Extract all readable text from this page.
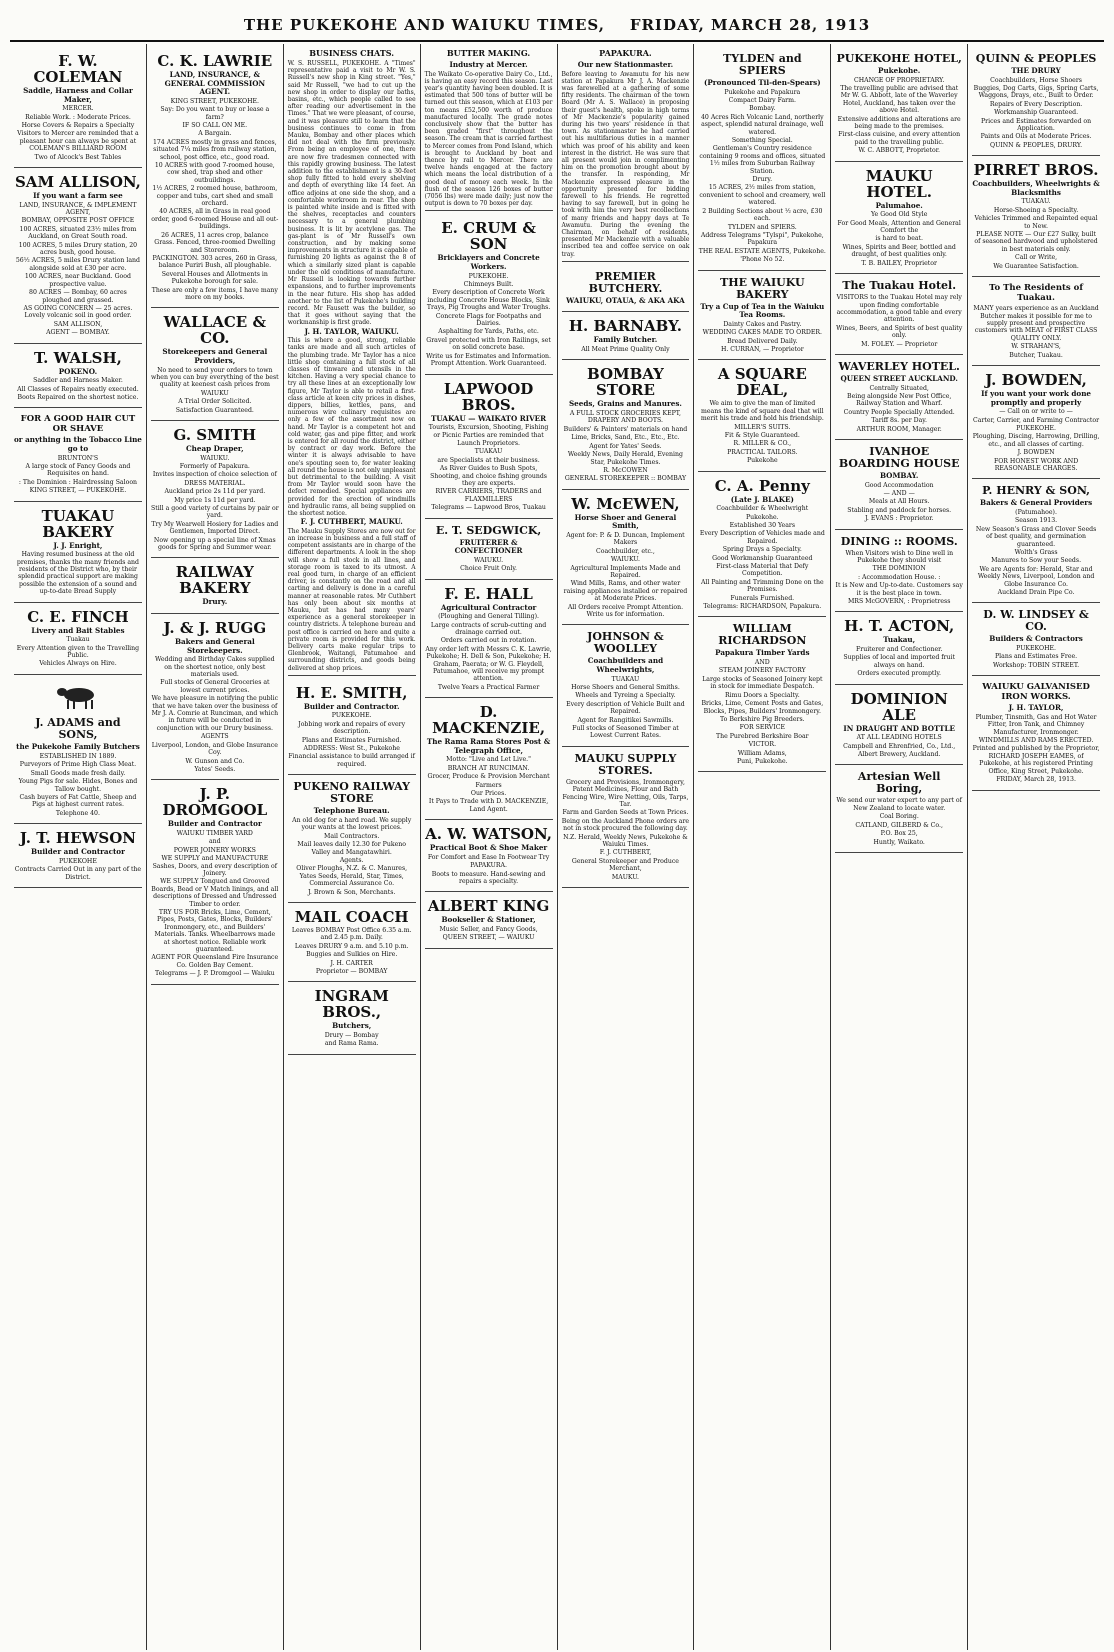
THE PUKEKOHE AND WAIUKU TIMES, FRIDAY, MARCH 28, 1913
F. W. COLEMAN
Saddle, Harness and Collar Maker,
MERCER.
Reliable Work. : Moderate Prices.
Horse Covers & Repairs a Specialty
Visitors to Mercer are reminded that a pleasant hour can always be spent at COLEMAN'S BILLIARD ROOM
Two of Alcock's Best Tables
SAM ALLISON,
If you want a farm see
LAND, INSURANCE, & IMPLEMENT AGENT,
BOMBAY, OPPOSITE POST OFFICE
100 ACRES, situated 23½ miles from Auckland, on Great South road.
100 ACRES, 5 miles Drury station, 20 acres bush, good house.
56½ ACRES, 5 miles Drury station land alongside sold at £30 per acre.
100 ACRES, near Buckland. Good prospective value.
80 ACRES — Bombay, 60 acres ploughed and grassed.
AS GOING CONCERN — 25 acres. Lovely volcanic soil in good order.
SAM ALLISON,
AGENT — BOMBAY.
T. WALSH,
POKENO.
Saddler and Harness Maker.
All Classes of Repairs neatly executed.
Boots Repaired on the shortest notice.
FOR A GOOD HAIR CUT OR SHAVE
or anything in the Tobacco Line go to
BRUNTON'S
A large stock of Fancy Goods and Requisites on hand.
: The Dominion : Hairdressing Saloon
KING STREET, — PUKEKOHE.
TUAKAU BAKERY
J. J. Enright,
Having resumed business at the old premises, thanks the many friends and residents of the District who, by their splendid practical support are making possible the extension of a sound and up-to-date Bread Supply
C. E. FINCH
Livery and Bait Stables
Tuakau
Every Attention given to the Travelling Public.
Vehicles Always on Hire.
J. ADAMS and SONS,
the Pukekohe Family Butchers
ESTABLISHED IN 1889.
Purveyors of Prime High Class Meat.
Small Goods made fresh daily.
Young Pigs for sale. Hides, Bones and Tallow bought.
Cash buyers of Fat Cattle, Sheep and Pigs at highest current rates.
Telephone 40.
J. T. HEWSON
Builder and Contractor
PUKEKOHE
Contracts Carried Out in any part of the District.
C. K. LAWRIE
LAND, INSURANCE, & GENERAL COMMISSION AGENT.
KING STREET, PUKEKOHE.
Say: Do you want to buy or lease a farm?
IF SO CALL ON ME.
A Bargain.
174 ACRES mostly in grass and fences, situated 7¼ miles from railway station, school, post office, etc., good road.
10 ACRES with good 7-roomed house, cow shed, trap shed and other outbuildings.
1½ ACRES, 2 roomed house, bathroom, copper and tubs, cart shed and small orchard.
40 ACRES, all in Grass in real good order, good 6-roomed House and all out-buildings.
26 ACRES, 11 acres crop, balance Grass. Fenced, three-roomed Dwelling and Storeroom.
PACKINGTON. 303 acres, 260 in Grass, balance Puriri Bush, all ploughable.
Several Houses and Allotments in Pukekohe borough for sale.
These are only a few items, I have many more on my books.
WALLACE & CO.
Storekeepers and General Providers,
No need to send your orders to town when you can buy everything of the best quality at keenest cash prices from
WAIUKU
A Trial Order Solicited.
Satisfaction Guaranteed.
G. SMITH
Cheap Draper,
WAIUKU.
Formerly of Papakura.
Invites inspection of choice selection of
DRESS MATERIAL.
Auckland price 2s 11d per yard.
My price 1s 11d per yard.
Still a good variety of curtains by pair or yard.
Try My Wearwell Hosiery for Ladies and Gentlemen, Imported Direct.
Now opening up a special line of Xmas goods for Spring and Summer wear.
RAILWAY BAKERY
Drury.
J. & J. RUGG
Bakers and General Storekeepers.
Wedding and Birthday Cakes supplied on the shortest notice, only best materials used.
Full stocks of General Groceries at lowest current prices.
We have pleasure in notifying the public that we have taken over the business of Mr J. A. Comrie at Runciman, and which in future will be conducted in conjunction with our Drury business.
AGENTS
Liverpool, London, and Globe Insurance Coy.
W. Gunson and Co.
Yates' Seeds.
J. P. DROMGOOL
Builder and Contractor
WAIUKU TIMBER YARD
and
POWER JOINERY WORKS
WE SUPPLY and MANUFACTURE Sashes, Doors, and every description of Joinery.
WE SUPPLY Tongued and Grooved Boards, Bead or V Match linings, and all descriptions of Dressed and Undressed Timber to order.
TRY US FOR Bricks, Lime, Cement, Pipes, Posts, Gates, Blocks, Builders' Ironmongery, etc., and Builders' Materials. Tanks. Wheelbarrows made at shortest notice. Reliable work guaranteed.
AGENT FOR Queensland Fire Insurance Co. Golden Bay Cement.
Telegrams — J. P. Dromgool — Waiuku
BUSINESS CHATS.
W. S. RUSSELL, PUKEKOHE. A "Times" representative paid a visit to Mr W. S. Russell's new shop in King street. "Yes," said Mr Russell, "we had to cut up the new shop in order to display our baths, basins, etc., which people called to see after reading our advertisement in the Times." That we were pleasant, of course, and it was pleasure still to learn that the business continues to come in from Mauku, Bombay and other places which did not deal with the firm previously. From being an employee of one, there are now five tradesmen connected with this rapidly growing business. The latest addition to the establishment is a 30-feet shop fully fitted to hold every shelving and depth of everything like 14 feet. An office adjoins at one side the shop, and a comfortable workroom in rear. The shop is painted white inside and is fitted with the shelves, receptacles and counters necessary to a general plumbing business. It is lit by acetylene gas. The gas-plant is of Mr Russell's own construction, and by making some improvements in structure it is capable of furnishing 20 lights as against the 8 of which a similarly sized plant is capable under the old conditions of manufacture. Mr Russell is looking towards further expansions, and to further improvements in the near future. His shop has added another to the list of Pukekohe's building record. Mr Fausett was the builder, so that it goes without saying that the workmanship is first grade.
J. H. TAYLOR, WAIUKU.
This is where a good, strong, reliable tanks are made and all such articles of the plumbing trade. Mr Taylor has a nice little shop containing a full stock of all classes of tinware and utensils in the kitchen. Having a very special chance to try all these lines at an exceptionally low figure, Mr Taylor is able to retail a first-class article at keen city prices in dishes, dippers, billies, kettles, pans, and numerous wire culinary requisites are only a few of the assortment now on hand. Mr Taylor is a competent hot and cold water, gas and pipe fitter, and work is entered for all round the district, either by contract or day work. Before the winter it is always advisable to have one's spouting seen to, for water leaking all round the house is not only unpleasant but detrimental to the building. A visit from Mr Taylor would soon have the defect remedied. Special appliances are provided for the erection of windmills and hydraulic rams, all being supplied on the shortest notice.
F. J. CUTHBERT, MAUKU.
The Mauku Supply Stores are now out for an increase in business and a full staff of competent assistants are in charge of the different departments. A look in the shop will show a full stock in all lines, and storage room is taxed to its utmost. A real good turn, in charge of an efficient driver, is constantly on the road and all carting and delivery is done in a careful manner at reasonable rates. Mr Cuthbert has only been about six months at Mauku, but has had many years' experience as a general storekeeper in country districts. A telephone bureau and post office is carried on here and quite a private room is provided for this work. Delivery carts make regular trips to Glenbrook, Waitangi, Patumahoe and surrounding districts, and goods being delivered at shop prices.
H. E. SMITH,
Builder and Contractor.
PUKEKOHE.
Jobbing work and repairs of every description.
Plans and Estimates Furnished.
ADDRESS: West St., Pukekohe
Financial assistance to build arranged if required.
PUKENO RAILWAY STORE
Telephone Bureau.
An old dog for a hard road. We supply your wants at the lowest prices.
Mail Contractors.
Mail leaves daily 12.30 for Pukeno Valley and Mangatawhiri.
Agents.
Oliver Ploughs, N.Z. & C. Manures, Yates Seeds, Herald, Star, Times, Commercial Assurance Co.
J. Brown & Son, Merchants.
MAIL COACH
Leaves BOMBAY Post Office 6.35 a.m. and 2.45 p.m. Daily.
Leaves DRURY 9 a.m. and 5.10 p.m.
Buggies and Sulkies on Hire.
J. H. CARTER
Proprietor — BOMBAY
INGRAM BROS.,
Butchers,
Drury — Bombay
and Rama Rama.
BUTTER MAKING.
Industry at Mercer.
The Waikato Co-operative Dairy Co., Ltd., is having an easy record this season. Last year's quantity having been doubled. It is estimated that 500 tons of butter will be turned out this season, which at £103 per ton means £52,500 worth of produce manufactured locally. The grade notes conclusively show that the butter has been graded "first" throughout the season. The cream that is carried farthest to Mercer comes from Pond Island, which is brought to Auckland by boat and thence by rail to Mercer. There are twelve hands engaged at the factory which means the local distribution of a good deal of money each week. In the flush of the season 126 boxes of butter (7056 lbs) were made daily; just now the output is down to 70 boxes per day.
E. CRUM & SON
Bricklayers and Concrete Workers.
PUKEKOHE.
Chimneys Built.
Every description of Concrete Work including Concrete House Blocks, Sink Trays, Pig Troughs and Water Troughs.
Concrete Flags for Footpaths and Dairies.
Asphalting for Yards, Paths, etc.
Gravel protected with Iron Railings, set on solid concrete base.
Write us for Estimates and Information. Prompt Attention. Work Guaranteed.
LAPWOOD BROS.
TUAKAU — WAIKATO RIVER
Tourists, Excursion, Shooting, Fishing or Picnic Parties are reminded that
Launch Proprietors.
TUAKAU
are Specialists at their business.
As River Guides to Bush Spots, Shooting, and choice fishing grounds they are experts.
RIVER CARRIERS, TRADERS and FLAXMILLERS
Telegrams — Lapwood Bros, Tuakau
E. T. SEDGWICK,
FRUITERER & CONFECTIONER
WAIUKU.
Choice Fruit Only.
F. E. HALL
Agricultural Contractor
(Ploughing and General Tilling).
Large contracts of scrub-cutting and drainage carried out.
Orders carried out in rotation.
Any order left with Messrs C. K. Lawrie, Pukekohe; H. Dell & Son, Pukekohe; H. Graham, Paerata; or W. G. Fleydell, Patumahoe, will receive my prompt attention.
Twelve Years a Practical Farmer
D. MACKENZIE,
The Rama Rama Stores Post & Telegraph Office,
Motto: "Live and Let Live."
BRANCH AT RUNCIMAN.
Grocer, Produce & Provision Merchant
Farmers
Our Prices.
It Pays to Trade with D. MACKENZIE, Land Agent.
A. W. WATSON,
Practical Boot & Shoe Maker
For Comfort and Ease In Footwear Try
PAPAKURA.
Boots to measure. Hand-sewing and repairs a specialty.
ALBERT KING
Bookseller & Stationer,
Music Seller, and Fancy Goods,
QUEEN STREET, — WAIUKU
PAPAKURA.
Our new Stationmaster.
Before leaving to Awamutu for his new station at Papakura Mr J. A. Mackenzie was farewelled at a gathering of some fifty residents. The chairman of the town Board (Mr A. S. Wallace) in proposing their guest's health, spoke in high terms of Mr Mackenzie's popularity gained during his two years' residence in that town. As stationmaster he had carried out his multifarious duties in a manner which was proof of his ability and keen interest in the district. He was sure that all present would join in complimenting him on the promotion brought about by the transfer. In responding, Mr Mackenzie expressed pleasure in the opportunity presented for bidding farewell to his friends. He regretted having to say farewell, but in going he took with him the very best recollections of many friends and happy days at Te Awamutu. During the evening the Chairman, on behalf of residents, presented Mr Mackenzie with a valuable inscribed tea and coffee service on oak tray.
PREMIER BUTCHERY.
WAIUKU, OTAUA, & AKA AKA
H. BARNABY.
Family Butcher.
All Meat Prime Quality Only
BOMBAY STORE
Seeds, Grains and Manures.
A FULL STOCK GROCERIES KEPT, DRAPERY AND BOOTS.
Builders' & Painters' materials on hand
Lime, Bricks, Sand, Etc., Etc., Etc.
Agent for Yates' Seeds.
Weekly News, Daily Herald, Evening Star, Pukekohe Times.
R. McCOWEN
GENERAL STOREKEEPER :: BOMBAY
W. McEWEN,
Horse Shoer and General Smith,
Agent for: P. & D. Duncan, Implement Makers
Coachbuilder, etc.,
WAIUKU.
Agricultural Implements Made and Repaired.
Wind Mills, Rams, and other water raising appliances installed or repaired at Moderate Prices.
All Orders receive Prompt Attention. Write us for information.
JOHNSON & WOOLLEY
Coachbuilders and Wheelwrights,
TUAKAU
Horse Shoers and General Smiths.
Wheels and Tyreing a Specialty.
Every description of Vehicle Built and Repaired.
Agent for Rangitikei Sawmills.
Full stocks of Seasoned Timber at Lowest Current Rates.
MAUKU SUPPLY STORES.
Grocery and Provisions, Ironmongery, Patent Medicines, Flour and Bath Fencing Wire, Wire Netting, Oils, Tarps, Tar.
Farm and Garden Seeds at Town Prices.
Being on the Auckland Phone orders are not in stock procured the following day.
N.Z. Herald, Weekly News, Pukekohe & Waiuku Times.
F. J. CUTHBERT,
General Storekeeper and Produce Merchant,
MAUKU.
TYLDEN and SPIERS
(Pronounced Til-den-Spears)
Pukekohe and Papakura
Compact Dairy Farm.
Bombay.
40 Acres Rich Volcanic Land, northerly aspect, splendid natural drainage, well watered.
Something Special.
Gentleman's Country residence containing 9 rooms and offices, situated 1½ miles from Suburban Railway Station.
Drury.
15 ACRES, 2½ miles from station, convenient to school and creamery, well watered.
2 Building Sections about ½ acre, £30 each.
TYLDEN and SPIERS.
Address Telegrams "Tylspi", Pukekohe, Papakura
THE REAL ESTATE AGENTS, Pukekohe.
'Phone No 52.
THE WAIUKU BAKERY
Try a Cup of Tea in the Waiuku Tea Rooms.
Dainty Cakes and Pastry.
WEDDING CAKES MADE TO ORDER.
Bread Delivered Daily.
H. CURRAN, — Proprietor
A SQUARE DEAL,
We aim to give the man of limited means the kind of square deal that will merit his trade and hold his friendship.
MILLER'S SUITS.
Fit & Style Guaranteed.
R. MILLER & CO.,
PRACTICAL TAILORS.
Pukekohe
C. A. Penny
(Late J. BLAKE)
Coachbuilder & Wheelwright
Pukekohe.
Established 30 Years
Every Description of Vehicles made and Repaired.
Spring Drays a Specialty.
Good Workmanship Guaranteed
First-class Material that Defy Competition.
All Painting and Trimming Done on the Premises.
Funerals Furnished.
Telegrams: RICHARDSON, Papakura.
WILLIAM RICHARDSON
Papakura Timber Yards
AND
STEAM JOINERY FACTORY
Large stocks of Seasoned Joinery kept in stock for immediate Despatch.
Rimu Doors a Specialty.
Bricks, Lime, Cement Posts and Gates, Blocks, Pipes, Builders' Ironmongery.
To Berkshire Pig Breeders.
FOR SERVICE
The Purebred Berkshire Boar
VICTOR.
William Adams,
Puni, Pukekohe.
PUKEKOHE HOTEL,
Pukekohe.
CHANGE OF PROPRIETARY.
The travelling public are advised that Mr W. G. Abbott, late of the Waverley Hotel, Auckland, has taken over the above Hotel.
Extensive additions and alterations are being made to the premises.
First-class cuisine, and every attention paid to the travelling public.
W. C. ABBOTT, Proprietor.
MAUKU HOTEL.
Palumahoe.
Ye Good Old Style
For Good Meals, Attention and General Comfort the
is hard to beat.
Wines, Spirits and Beer, bottled and draught, of best qualities only.
T. B. BAILEY, Proprietor
The Tuakau Hotel.
VISITORS to the Tuakau Hotel may rely upon finding comfortable accommodation, a good table and every attention.
Wines, Beers, and Spirits of best quality only.
M. FOLEY. — Proprietor
WAVERLEY HOTEL.
QUEEN STREET AUCKLAND.
Centrally Situated,
Being alongside New Post Office, Railway Station and Wharf.
Country People Specially Attended.
Tariff 8s. per Day.
ARTHUR ROOM, Manager.
IVANHOE BOARDING HOUSE
BOMBAY.
Good Accommodation
— AND —
Meals at All Hours.
Stabling and paddock for horses.
J. EVANS : Proprietor.
DINING :: ROOMS.
When Visitors wish to Dine well in Pukekohe they should visit
THE DOMINION
: Accommodation House. :
It is New and Up-to-date. Customers say it is the best place in town.
MRS McGOVERN, : Proprietress
H. T. ACTON,
Tuakau,
Fruiterer and Confectioner.
Supplies of local and imported fruit always on hand.
Orders executed promptly.
DOMINION ALE
IN DRAUGHT AND BOTTLE
AT ALL LEADING HOTELS
Campbell and Ehrenfried, Co., Ltd.,
Albert Brewery, Auckland.
Artesian Well Boring,
We send our water expert to any part of New Zealand to locate water.
Coal Boring.
CATLAND, GILBERD & Co.,
P.O. Box 25,
Huntly, Waikato.
QUINN & PEOPLES
THE DRURY
Coachbuilders, Horse Shoers
Buggies, Dog Carts, Gigs, Spring Carts, Waggons, Drays, etc., Built to Order.
Repairs of Every Description.
Workmanship Guaranteed.
Prices and Estimates forwarded on Application.
Paints and Oils at Moderate Prices.
QUINN & PEOPLES, DRURY.
PIRRET BROS.
Coachbuilders, Wheelwrights & Blacksmiths
TUAKAU.
Horse-Shoeing a Specialty.
Vehicles Trimmed and Repainted equal to New.
PLEASE NOTE — Our £27 Sulky, built of seasoned hardwood and upholstered in best materials only.
Call or Write,
We Guarantee Satisfaction.
To The Residents of Tuakau.
MANY years experience as an Auckland Butcher makes it possible for me to supply present and prospective customers with MEAT of FIRST CLASS QUALITY ONLY.
W. STRAHAN'S,
Butcher, Tuakau.
J. BOWDEN,
If you want your work done promptly and properly
— Call on or write to —
Carter, Carrier, and Farming Contractor
PUKEKOHE.
Ploughing, Discing, Harrowing, Drilling, etc., and all classes of carting.
J. BOWDEN
FOR HONEST WORK AND REASONABLE CHARGES.
P. HENRY & SON,
Bakers & General Providers
(Patumahoe).
Season 1913.
New Season's Grass and Clover Seeds of best quality, and germination guaranteed.
Wolth's Grass
Manures to Sow your Seeds.
We are Agents for: Herald, Star and Weekly News, Liverpool, London and Globe Insurance Co.
Auckland Drain Pipe Co.
D. W. LINDSEY & CO.
Builders & Contractors
PUKEKOHE.
Plans and Estimates Free.
Workshop: TOBIN STREET.
WAIUKU GALVANISED IRON WORKS.
J. H. TAYLOR,
Plumber, Tinsmith, Gas and Hot Water Fitter, Iron Tank, and Chimney Manufacturer, Ironmonger.
WINDMILLS AND RAMS ERECTED.
Printed and published by the Proprietor, RICHARD JOSEPH EAMES, of Pukekohe, at his registered Printing Office, King Street, Pukekohe.
FRIDAY, March 28, 1913.
